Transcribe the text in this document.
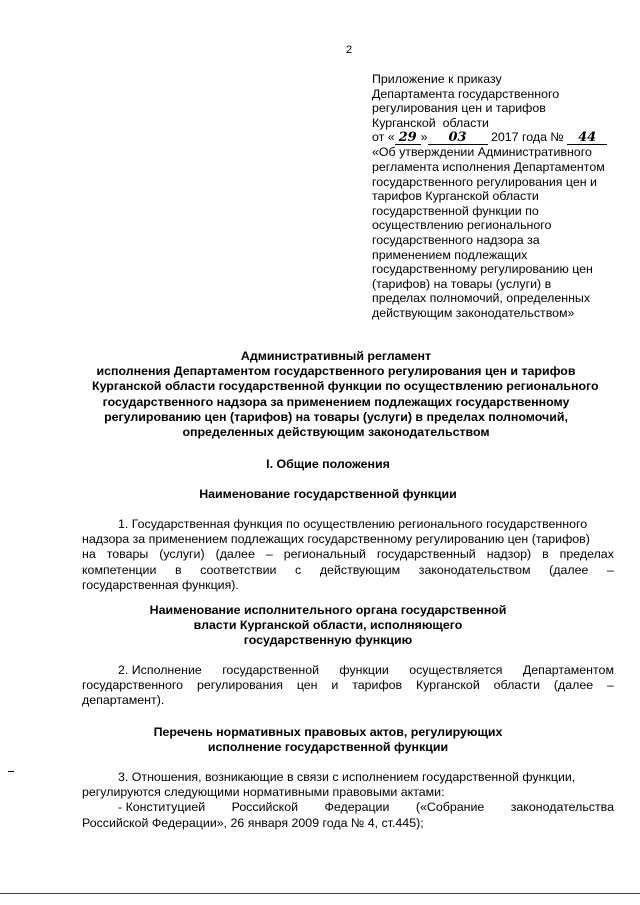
2
Приложение к приказу
Департамента государственного
регулирования цен и тарифов
Курганской области
от « 29 » 03 2017 года № 44
«Об утверждении Административного
регламента исполнения Департаментом
государственного регулирования цен и
тарифов Курганской области
государственной функции по
осуществлению регионального
государственного надзора за
применением подлежащих
государственному регулированию цен
(тарифов) на товары (услуги) в
пределах полномочий, определенных
действующим законодательством»
Административный регламент
исполнения Департаментом государственного регулирования цен и тарифов
Курганской области государственной функции по осуществлению регионального
государственного надзора за применением подлежащих государственному
регулированию цен (тарифов) на товары (услуги) в пределах полномочий,
определенных действующим законодательством
I. Общие положения
Наименование государственной функции
1. Государственная функция по осуществлению регионального государственного
надзора за применением подлежащих государственному регулированию цен (тарифов)
на товары (услуги) (далее – региональный государственный надзор) в пределах
компетенции в соответствии с действующим законодательством (далее –
государственная функция).
Наименование исполнительного органа государственной
власти Курганской области, исполняющего
государственную функцию
2. Исполнение государственной функции осуществляется Департаментом
государственного регулирования цен и тарифов Курганской области (далее –
департамент).
Перечень нормативных правовых актов, регулирующих
исполнение государственной функции
3. Отношения, возникающие в связи с исполнением государственной функции,
регулируются следующими нормативными правовыми актами:
- Конституцией Российской Федерации («Собрание законодательства
Российской Федерации», 26 января 2009 года № 4, ст.445);
